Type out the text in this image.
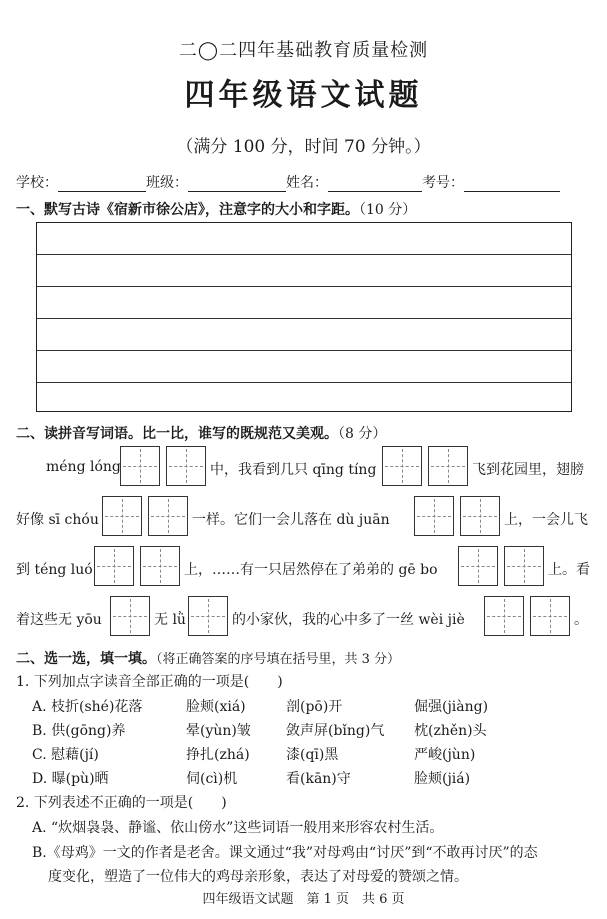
二◯二四年基础教育质量检测
四年级语文试题
（满分 100 分，时间 70 分钟。）
学校：	班级：	姓名：	考号：
一、默写古诗《宿新市徐公店》，注意字的大小和字距。（10 分）
二、读拼音写词语。比一比，谁写的既规范又美观。（8 分）
méng lóng	中，我看到几只 qīng tíng	飞到花园里，翅膀
好像 sī chóu	一样。它们一会儿落在 dù juān	上，一会儿飞
到 téng luó	上，……有一只居然停在了弟弟的 gē bo	上。看
着这些无 yōu	无 lǜ	的小家伙，我的心中多了一丝 wèi jiè	。
二、选一选，填一填。（将正确答案的序号填在括号里，共 3 分）
1. 下列加点字读音全部正确的一项是(　　)
A. 枝折(shé)花落	脸颊(xiá)	剖(pō)开	倔强(jiàng)
B. 供(gōng)养	晕(yùn)皱	敛声屏(bǐng)气 枕(zhěn)头
C. 慰藉(jí)	挣扎(zhá)	漆(qī)黑	严峻(jùn)
D. 曝(pù)晒	伺(cì)机	看(kān)守	脸颊(jiá)
2. 下列表述不正确的一项是(　　)
A. “炊烟袅袅、静谧、依山傍水”这些词语一般用来形容农村生活。
B.《母鸡》一文的作者是老舍。课文通过“我”对母鸡由“讨厌”到“不敢再讨厌”的态
度变化，塑造了一位伟大的鸡母亲形象，表达了对母爱的赞颂之情。
四年级语文试题　第 1 页　共 6 页
